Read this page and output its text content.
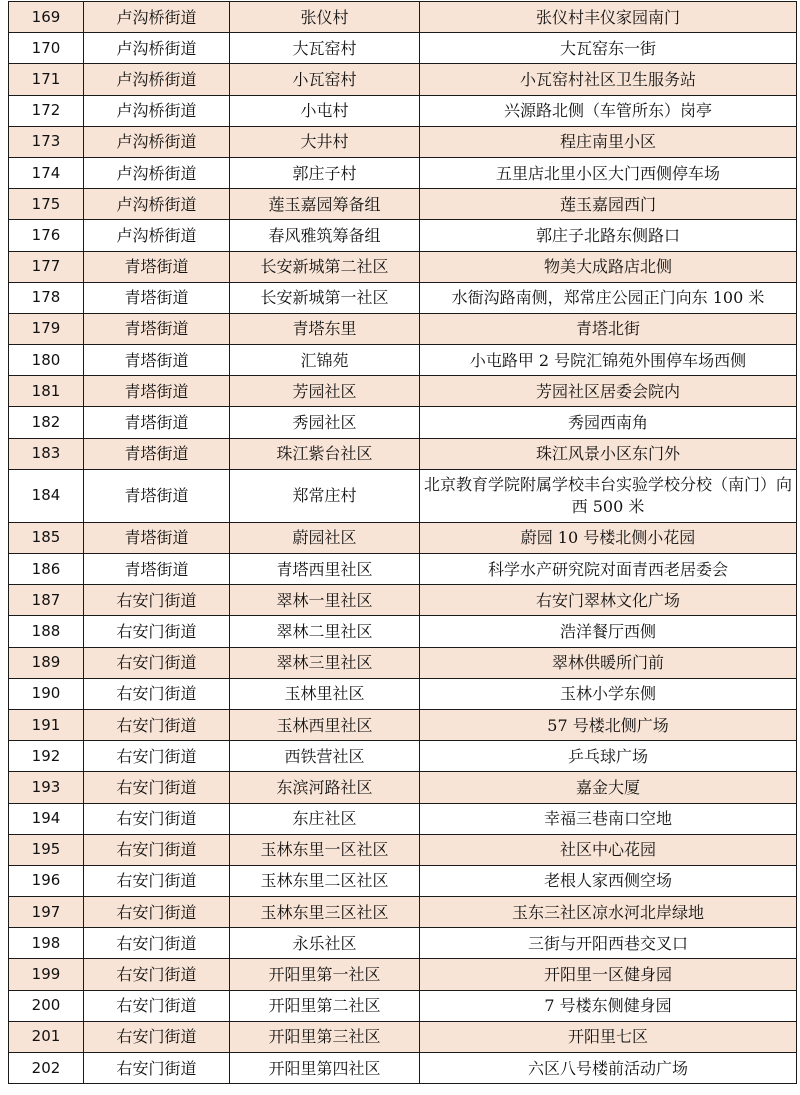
169	卢沟桥街道	张仪村	张仪村丰仪家园南门
170	卢沟桥街道	大瓦窑村	大瓦窑东一街
171	卢沟桥街道	小瓦窑村	小瓦窑村社区卫生服务站
172	卢沟桥街道	小屯村	兴源路北侧（车管所东）岗亭
173	卢沟桥街道	大井村	程庄南里小区
174	卢沟桥街道	郭庄子村	五里店北里小区大门西侧停车场
175	卢沟桥街道	莲玉嘉园筹备组	莲玉嘉园西门
176	卢沟桥街道	春风雅筑筹备组	郭庄子北路东侧路口
177	青塔街道	长安新城第二社区	物美大成路店北侧
178	青塔街道	长安新城第一社区	水衙沟路南侧，郑常庄公园正门向东 100 米
179	青塔街道	青塔东里	青塔北街
180	青塔街道	汇锦苑	小屯路甲 2 号院汇锦苑外围停车场西侧
181	青塔街道	芳园社区	芳园社区居委会院内
182	青塔街道	秀园社区	秀园西南角
183	青塔街道	珠江紫台社区	珠江风景小区东门外
184	青塔街道	郑常庄村	北京教育学院附属学校丰台实验学校分校（南门）向西 500 米
185	青塔街道	蔚园社区	蔚园 10 号楼北侧小花园
186	青塔街道	青塔西里社区	科学水产研究院对面青西老居委会
187	右安门街道	翠林一里社区	右安门翠林文化广场
188	右安门街道	翠林二里社区	浩洋餐厅西侧
189	右安门街道	翠林三里社区	翠林供暖所门前
190	右安门街道	玉林里社区	玉林小学东侧
191	右安门街道	玉林西里社区	57 号楼北侧广场
192	右安门街道	西铁营社区	乒乓球广场
193	右安门街道	东滨河路社区	嘉金大厦
194	右安门街道	东庄社区	幸福三巷南口空地
195	右安门街道	玉林东里一区社区	社区中心花园
196	右安门街道	玉林东里二区社区	老根人家西侧空场
197	右安门街道	玉林东里三区社区	玉东三社区凉水河北岸绿地
198	右安门街道	永乐社区	三街与开阳西巷交叉口
199	右安门街道	开阳里第一社区	开阳里一区健身园
200	右安门街道	开阳里第二社区	7 号楼东侧健身园
201	右安门街道	开阳里第三社区	开阳里七区
202	右安门街道	开阳里第四社区	六区八号楼前活动广场
